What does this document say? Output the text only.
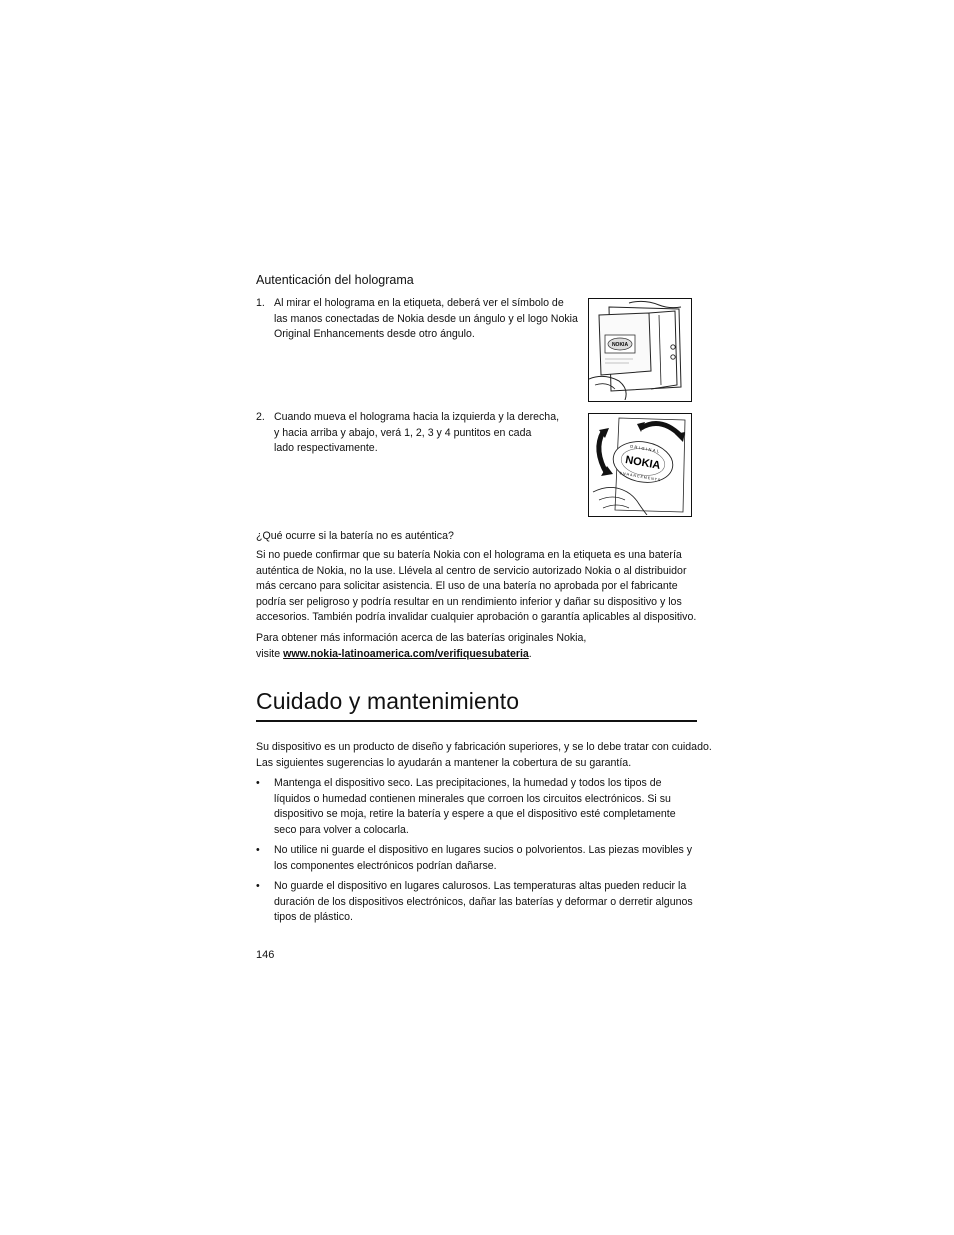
Autenticación del holograma
1. Al mirar el holograma en la etiqueta, deberá ver el símbolo de
las manos conectadas de Nokia desde un ángulo y el logo Nokia
Original Enhancements desde otro ángulo.
NOKIA
2. Cuando mueva el holograma hacia la izquierda y la derecha,
y hacia arriba y abajo, verá 1, 2, 3 y 4 puntitos en cada
lado respectivamente.
NOKIA
ORIGINAL
ENHANCEMENTS
¿Qué ocurre si la batería no es auténtica?
Si no puede confirmar que su batería Nokia con el holograma en la etiqueta es una batería
auténtica de Nokia, no la use. Llévela al centro de servicio autorizado Nokia o al distribuidor
más cercano para solicitar asistencia. El uso de una batería no aprobada por el fabricante
podría ser peligroso y podría resultar en un rendimiento inferior y dañar su dispositivo y los
accesorios. También podría invalidar cualquier aprobación o garantía aplicables al dispositivo.
Para obtener más información acerca de las baterías originales Nokia,
visite www.nokia-latinoamerica.com/verifiquesubateria.
Cuidado y mantenimiento
Su dispositivo es un producto de diseño y fabricación superiores, y se lo debe tratar con cuidado.
Las siguientes sugerencias lo ayudarán a mantener la cobertura de su garantía.
• Mantenga el dispositivo seco. Las precipitaciones, la humedad y todos los tipos de
líquidos o humedad contienen minerales que corroen los circuitos electrónicos. Si su
dispositivo se moja, retire la batería y espere a que el dispositivo esté completamente
seco para volver a colocarla.
• No utilice ni guarde el dispositivo en lugares sucios o polvorientos. Las piezas movibles y
los componentes electrónicos podrían dañarse.
• No guarde el dispositivo en lugares calurosos. Las temperaturas altas pueden reducir la
duración de los dispositivos electrónicos, dañar las baterías y deformar o derretir algunos
tipos de plástico.
146
